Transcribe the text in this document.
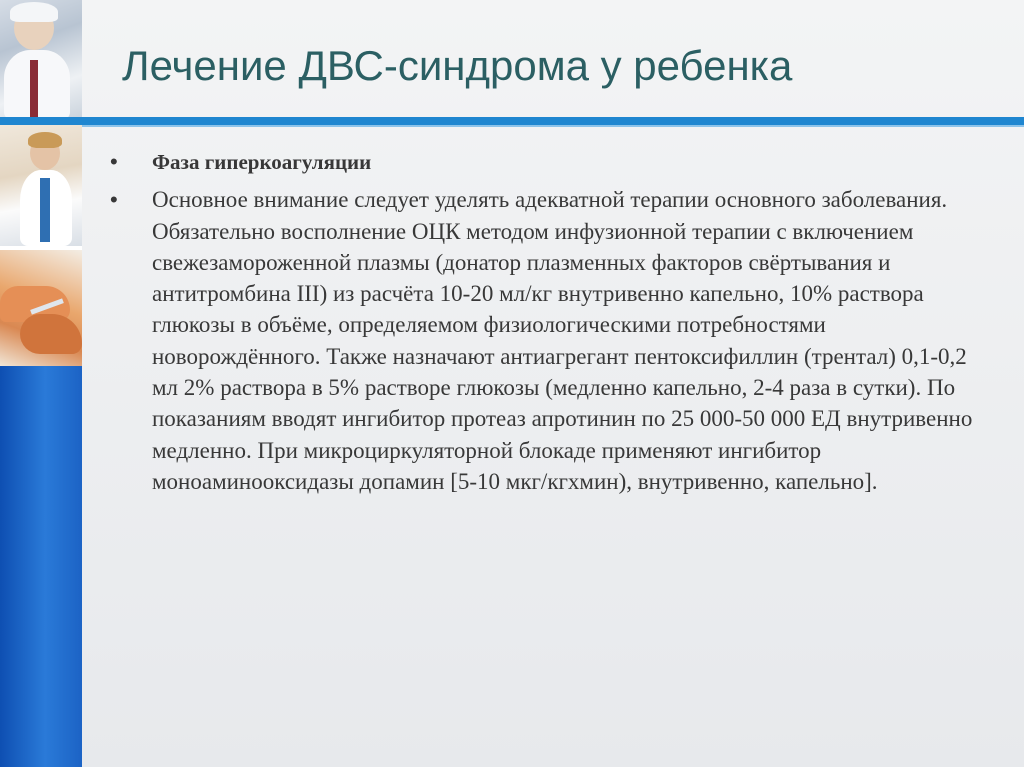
Лечение ДВС-синдрома у ребенка
• Фаза гиперкоагуляции
• Основное внимание следует уделять адекватной терапии основного заболевания. Обязательно восполнение ОЦК методом инфузионной терапии с включением свежезамороженной плазмы (донатор плазменных факторов свёртывания и антитромбина III) из расчёта 10-20 мл/кг внутривенно капельно, 10% раствора глюкозы в объёме, определяемом физиологическими потребностями новорождённого. Также назначают антиагрегант пентоксифиллин (трентал) 0,1-0,2 мл 2% раствора в 5% растворе глюкозы (медленно капельно, 2-4 раза в сутки). По показаниям вводят ингибитор протеаз апротинин по 25 000-50 000 ЕД внутривенно медленно. При микроциркуляторной блокаде применяют ингибитор моноаминооксидазы допамин [5-10 мкг/кгхмин), внутривенно, капельно].
